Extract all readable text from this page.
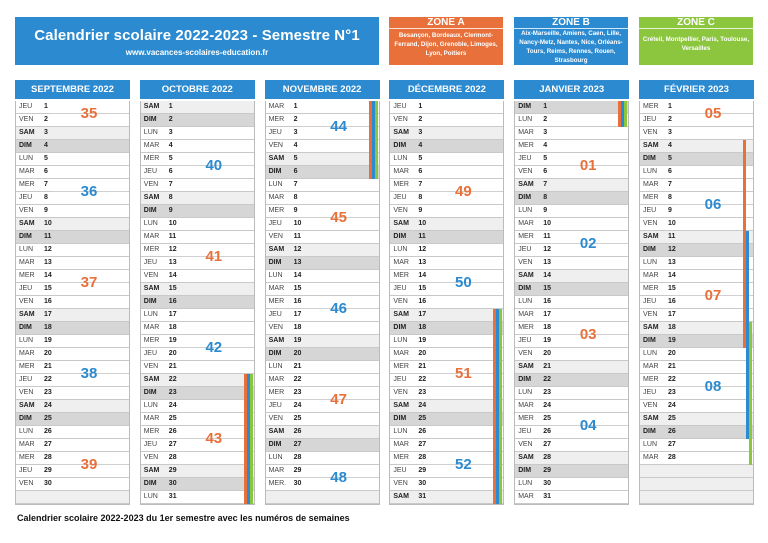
Calendrier scolaire 2022-2023 - Semestre N°1
www.vacances-scolaires-education.fr
ZONE A
Besançon, Bordeaux, Clermont-Ferrand, Dijon, Grenoble, Limoges, Lyon, Poitiers
ZONE B
Aix-Marseille, Amiens, Caen, Lille, Nancy-Metz, Nantes, Nice, Orléans-Tours, Reims, Rennes, Rouen, Strasbourg
ZONE C
Créteil, Montpellier, Paris, Toulouse, Versailles
SEPTEMBRE 2022
JEU	1
VEN	2
SAM	3
DIM	4
LUN	5
MAR	6
MER	7
JEU	8
VEN	9
SAM	10
DIM	11
LUN	12
MAR	13
MER	14
JEU	15
VEN	16
SAM	17
DIM	18
LUN	19
MAR	20
MER	21
JEU	22
VEN	23
SAM	24
DIM	25
LUN	26
MAR	27
MER	28
JEU	29
VEN	30
35
36
37
38
39
OCTOBRE 2022
SAM	1
DIM	2
LUN	3
MAR	4
MER	5
JEU	6
VEN	7
SAM	8
DIM	9
LUN	10
MAR	11
MER	12
JEU	13
VEN	14
SAM	15
DIM	16
LUN	17
MAR	18
MER	19
JEU	20
VEN	21
SAM	22
DIM	23
LUN	24
MAR	25
MER	26
JEU	27
VEN	28
SAM	29
DIM	30
LUN	31
40
41
42
43
NOVEMBRE 2022
MAR	1
MER	2
JEU	3
VEN	4
SAM	5
DIM	6
LUN	7
MAR	8
MER	9
JEU	10
VEN	11
SAM	12
DIM	13
LUN	14
MAR	15
MER	16
JEU	17
VEN	18
SAM	19
DIM	20
LUN	21
MAR	22
MER	23
JEU	24
VEN	25
SAM	26
DIM	27
LUN	28
MAR	29
MER.	30
44
45
46
47
48
DÉCEMBRE 2022
JEU	1
VEN	2
SAM	3
DIM	4
LUN	5
MAR	6
MER	7
JEU	8
VEN	9
SAM	10
DIM	11
LUN	12
MAR	13
MER	14
JEU	15
VEN	16
SAM	17
DIM	18
LUN	19
MAR	20
MER	21
JEU	22
VEN	23
SAM	24
DIM	25
LUN	26
MAR	27
MER	28
JEU	29
VEN	30
SAM	31
49
50
51
52
JANVIER 2023
DIM	1
LUN	2
MAR	3
MER	4
JEU	5
VEN	6
SAM	7
DIM	8
LUN	9
MAR	10
MER	11
JEU	12
VEN	13
SAM	14
DIM	15
LUN	16
MAR	17
MER	18
JEU	19
VEN	20
SAM	21
DIM	22
LUN	23
MAR	24
MER	25
JEU	26
VEN	27
SAM	28
DIM	29
LUN	30
MAR	31
01
02
03
04
FÉVRIER 2023
MER	1
JEU	2
VEN	3
SAM	4
DIM	5
LUN	6
MAR	7
MER	8
JEU	9
VEN	10
SAM	11
DIM	12
LUN	13
MAR	14
MER	15
JEU	16
VEN	17
SAM	18
DIM	19
LUN	20
MAR	21
MER	22
JEU	23
VEN	24
SAM	25
DIM	26
LUN	27
MAR	28
05
06
07
08
Calendrier scolaire 2022-2023 du 1er semestre avec les numéros de semaines
